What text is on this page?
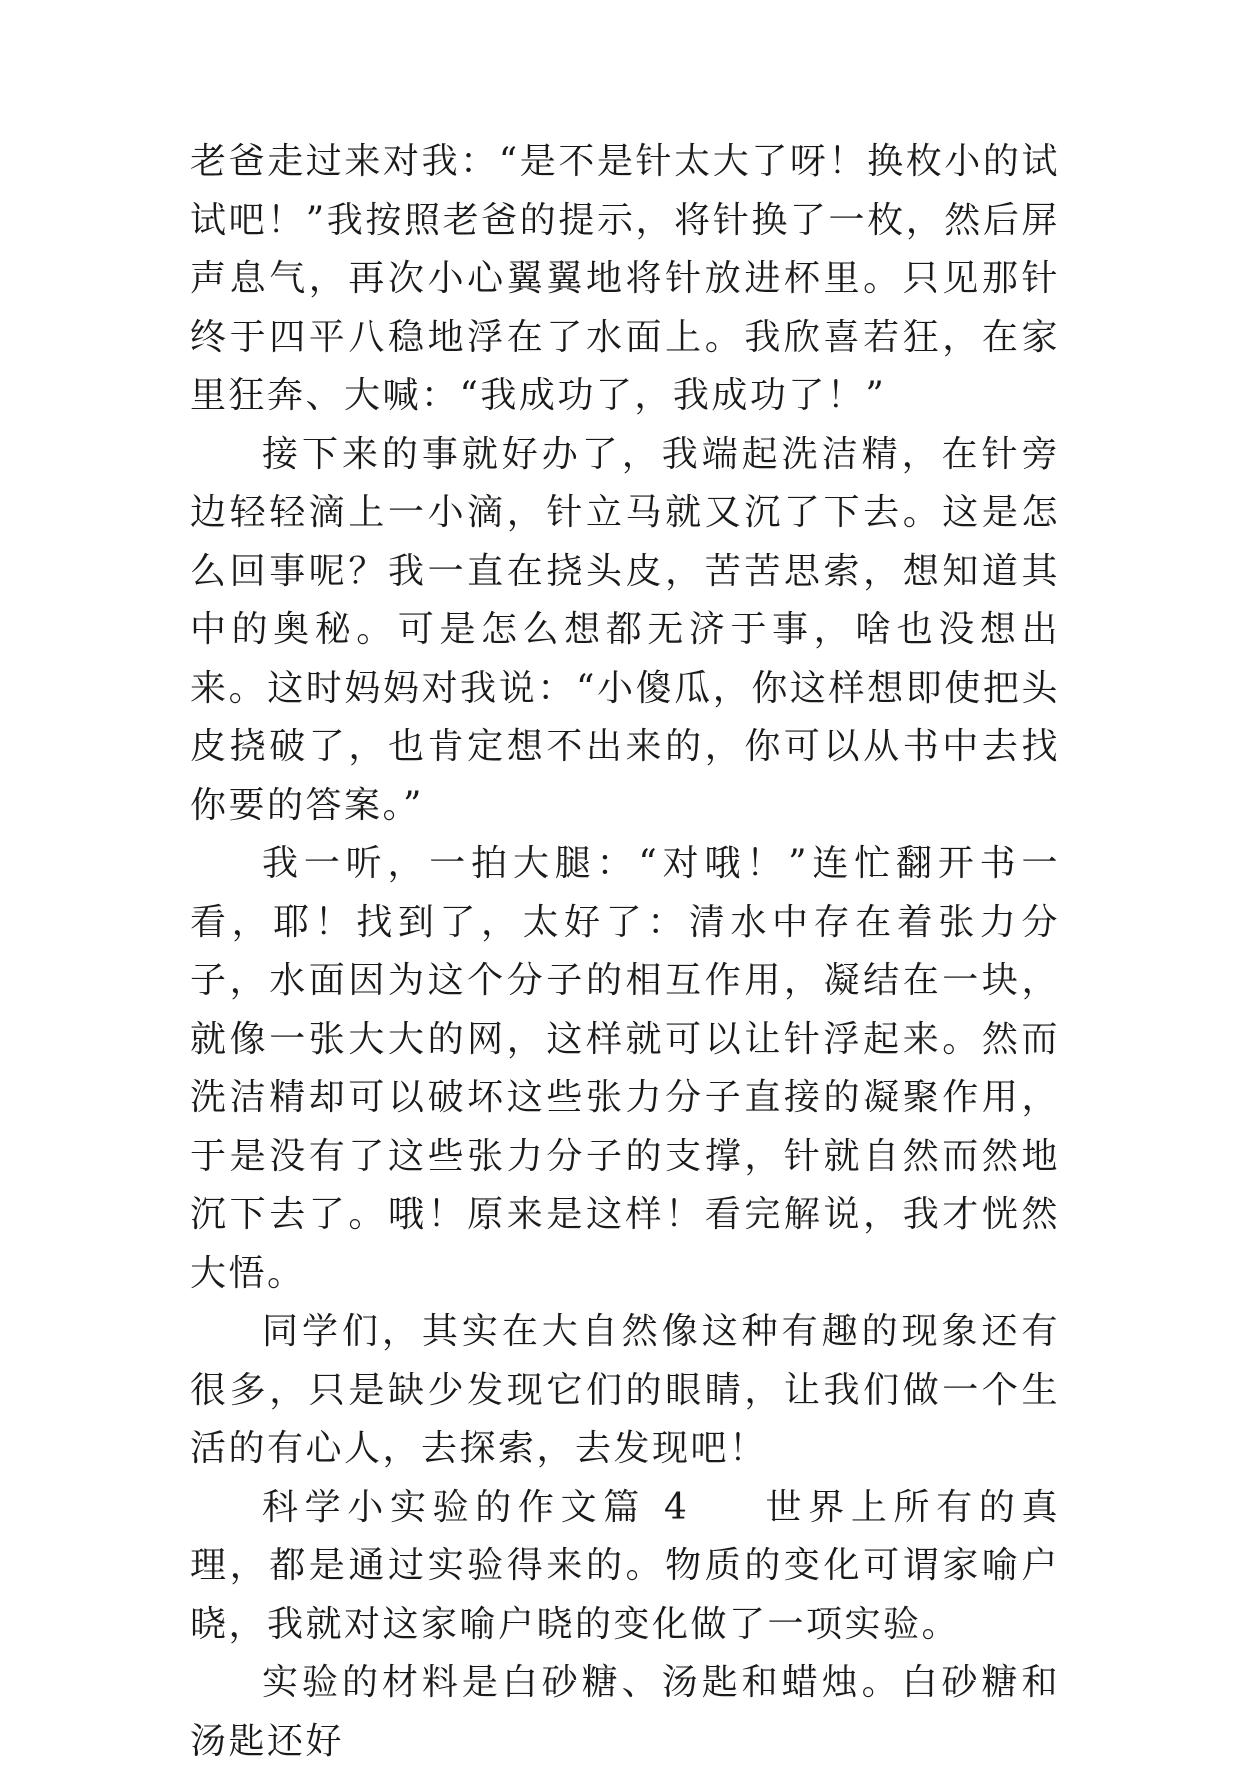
老爸走过来对我：“是不是针太大了呀！换枚小的试试吧！”我按照老爸的提示，将针换了一枚，然后屏声息气，再次小心翼翼地将针放进杯里。只见那针终于四平八稳地浮在了水面上。我欣喜若狂，在家里狂奔、大喊：“我成功了，我成功了！”

接下来的事就好办了，我端起洗洁精，在针旁边轻轻滴上一小滴，针立马就又沉了下去。这是怎么回事呢？我一直在挠头皮，苦苦思索，想知道其中的奥秘。可是怎么想都无济于事，啥也没想出来。这时妈妈对我说：“小傻瓜，你这样想即使把头皮挠破了，也肯定想不出来的，你可以从书中去找你要的答案。”

我一听，一拍大腿：“对哦！”连忙翻开书一看，耶！找到了，太好了：清水中存在着张力分子，水面因为这个分子的相互作用，凝结在一块，就像一张大大的网，这样就可以让针浮起来。然而洗洁精却可以破坏这些张力分子直接的凝聚作用，于是没有了这些张力分子的支撑，针就自然而然地沉下去了。哦！原来是这样！看完解说，我才恍然大悟。

同学们，其实在大自然像这种有趣的现象还有很多，只是缺少发现它们的眼睛，让我们做一个生活的有心人，去探索，去发现吧！

科学小实验的作文篇 4 世界上所有的真理，都是通过实验得来的。物质的变化可谓家喻户晓，我就对这家喻户晓的变化做了一项实验。

实验的材料是白砂糖、汤匙和蜡烛。白砂糖和汤匙还好
